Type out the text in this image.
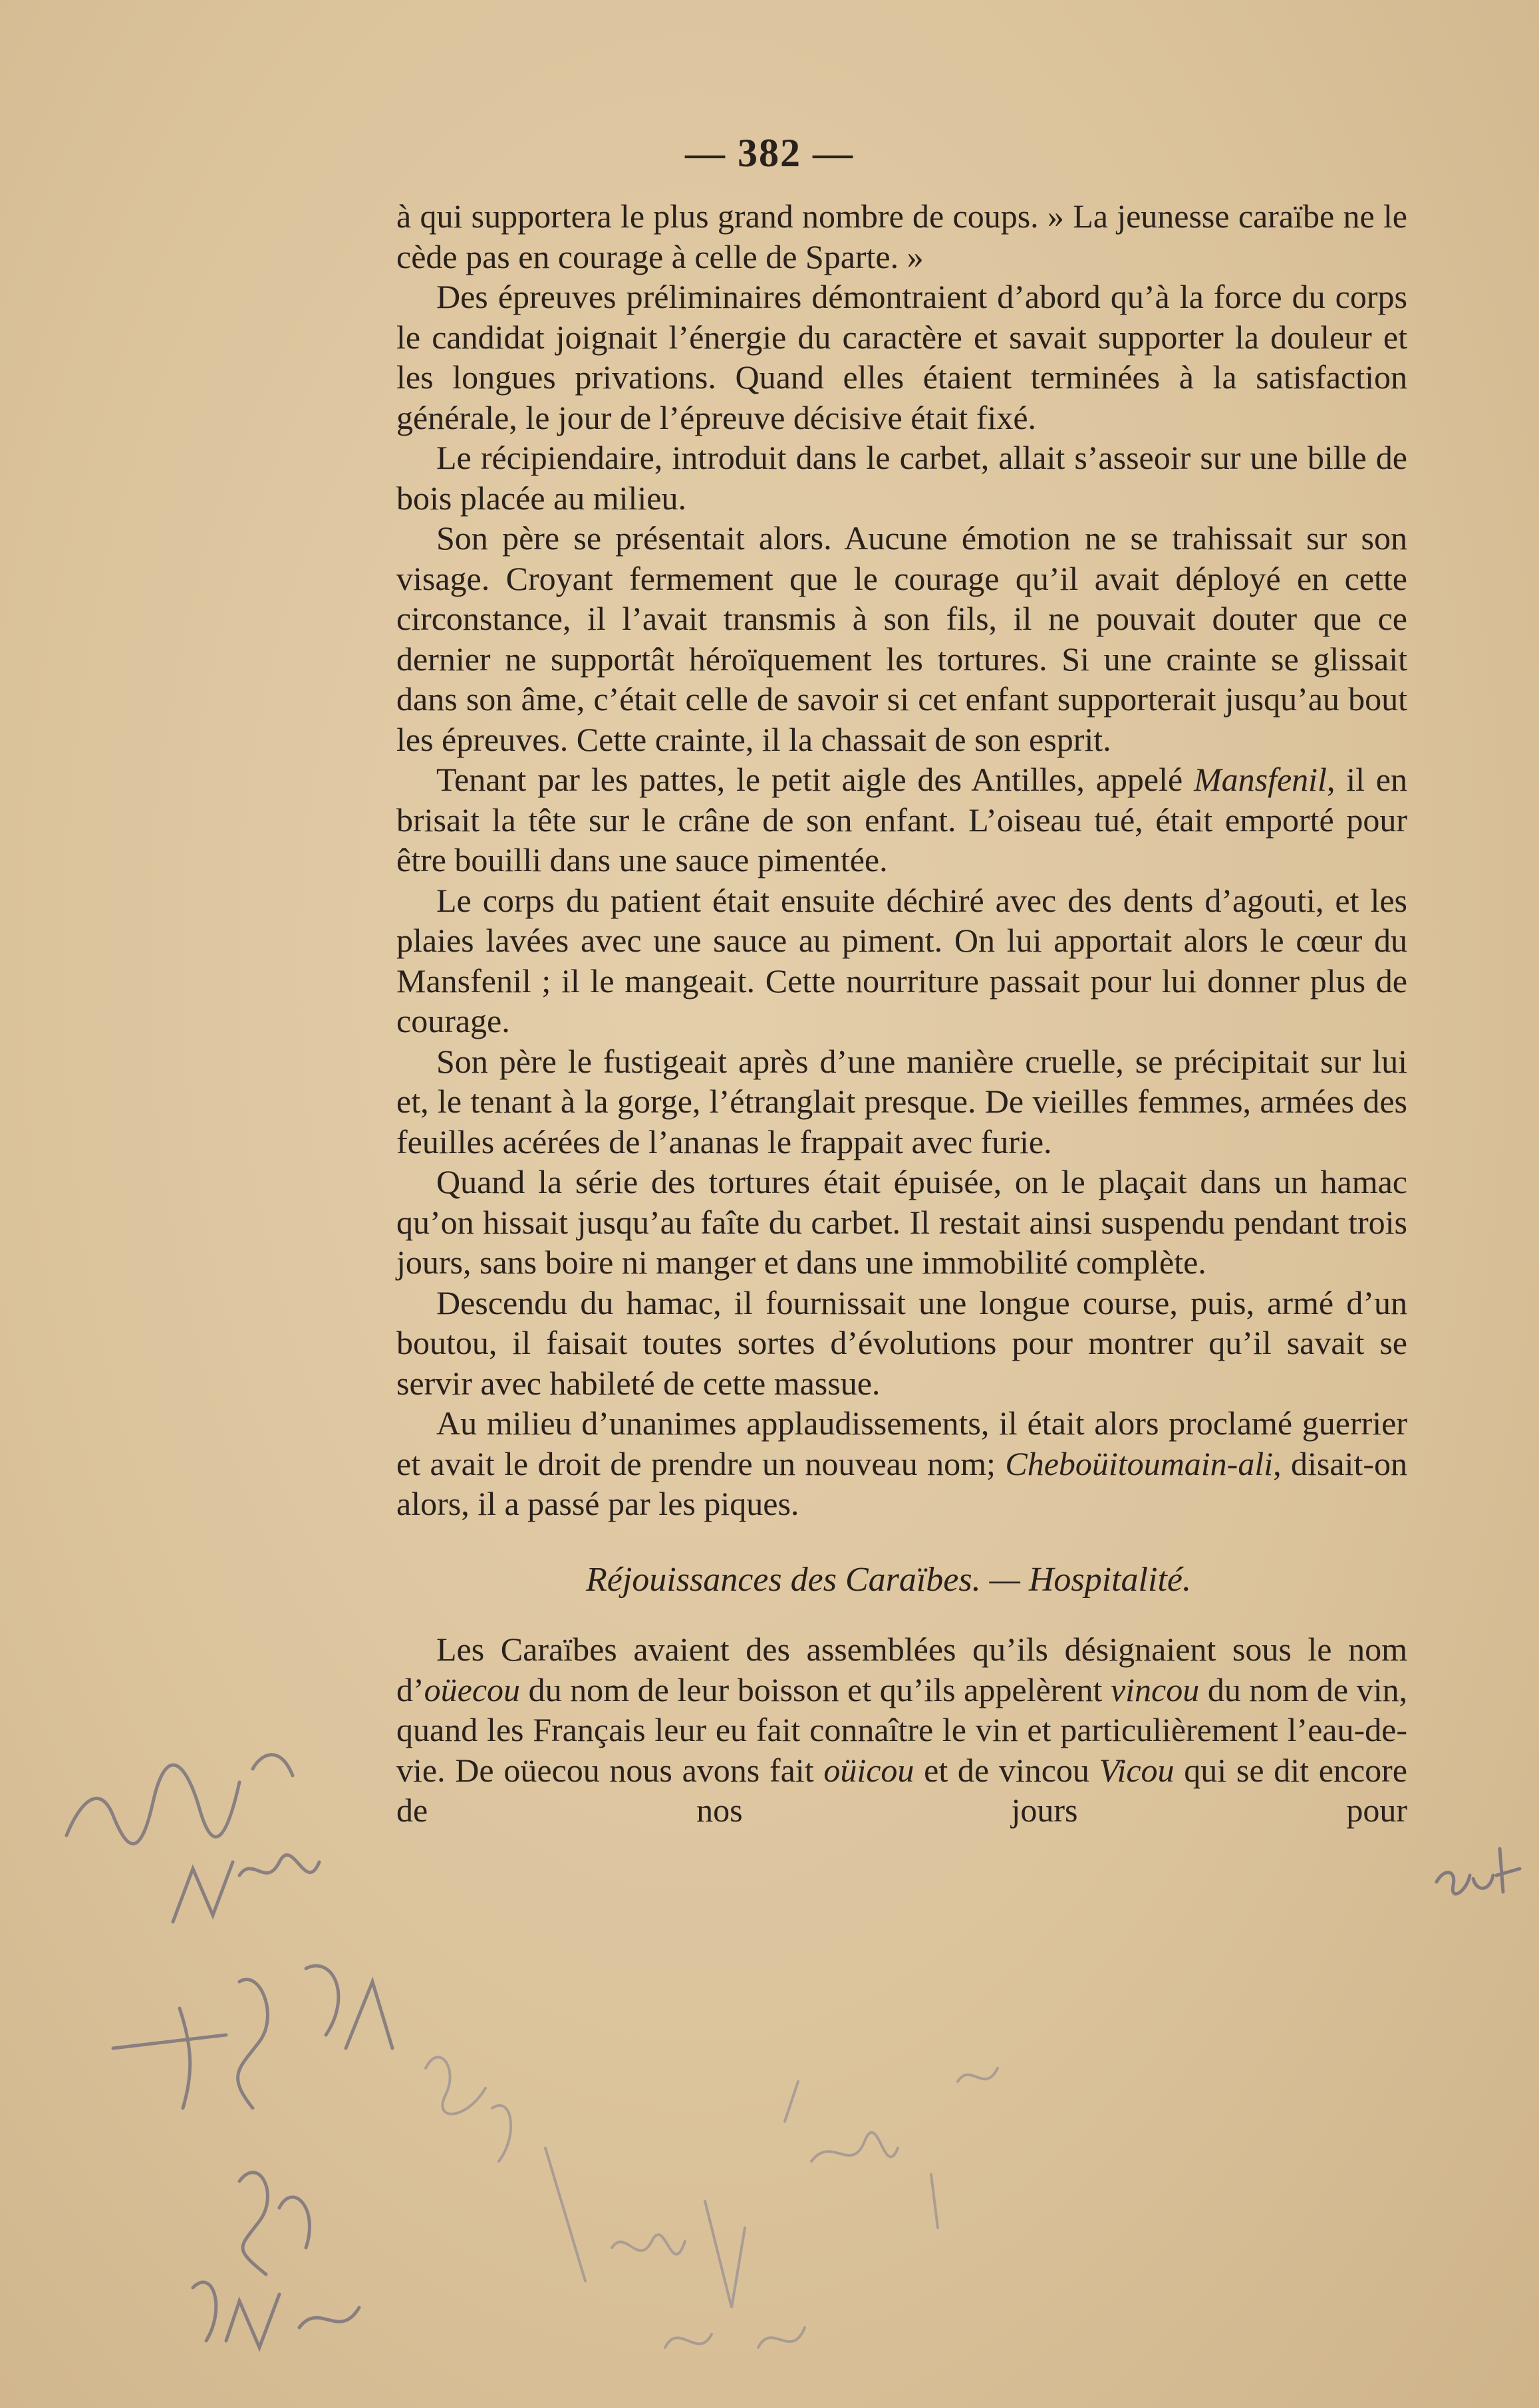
— 382 —

à qui supportera le plus grand nombre de coups. » La jeunesse caraïbe ne le cède pas en courage à celle de Sparte. »

Des épreuves préliminaires démontraient d’abord qu’à la force du corps le candidat joignait l’énergie du caractère et savait supporter la douleur et les longues privations. Quand elles étaient terminées à la satisfaction générale, le jour de l’épreuve décisive était fixé.

Le récipiendaire, introduit dans le carbet, allait s’asseoir sur une bille de bois placée au milieu.

Son père se présentait alors. Aucune émotion ne se trahissait sur son visage. Croyant fermement que le courage qu’il avait déployé en cette circonstance, il l’avait transmis à son fils, il ne pouvait douter que ce dernier ne supportât héroïquement les tortures. Si une crainte se glissait dans son âme, c’était celle de savoir si cet enfant supporterait jusqu’au bout les épreuves. Cette crainte, il la chassait de son esprit.

Tenant par les pattes, le petit aigle des Antilles, appelé Mansfenil, il en brisait la tête sur le crâne de son enfant. L’oiseau tué, était emporté pour être bouilli dans une sauce pimentée.

Le corps du patient était ensuite déchiré avec des dents d’agouti, et les plaies lavées avec une sauce au piment. On lui apportait alors le cœur du Mansfenil ; il le mangeait. Cette nourriture passait pour lui donner plus de courage.

Son père le fustigeait après d’une manière cruelle, se précipitait sur lui et, le tenant à la gorge, l’étranglait presque. De vieilles femmes, armées des feuilles acérées de l’ananas le frappait avec furie.

Quand la série des tortures était épuisée, on le plaçait dans un hamac qu’on hissait jusqu’au faîte du carbet. Il restait ainsi suspendu pendant trois jours, sans boire ni manger et dans une immobilité complète.

Descendu du hamac, il fournissait une longue course, puis, armé d’un boutou, il faisait toutes sortes d’évolutions pour montrer qu’il savait se servir avec habileté de cette massue.

Au milieu d’unanimes applaudissements, il était alors proclamé guerrier et avait le droit de prendre un nouveau nom; Cheboüitoumain-ali, disait-on alors, il a passé par les piques.

Réjouissances des Caraïbes. — Hospitalité.

Les Caraïbes avaient des assemblées qu’ils désignaient sous le nom d’oüecou du nom de leur boisson et qu’ils appelèrent vincou du nom de vin, quand les Français leur eu fait connaître le vin et particulièrement l’eau-de-vie. De oüecou nous avons fait oüicou et de vincou Vicou qui se dit encore de nos jours pour
